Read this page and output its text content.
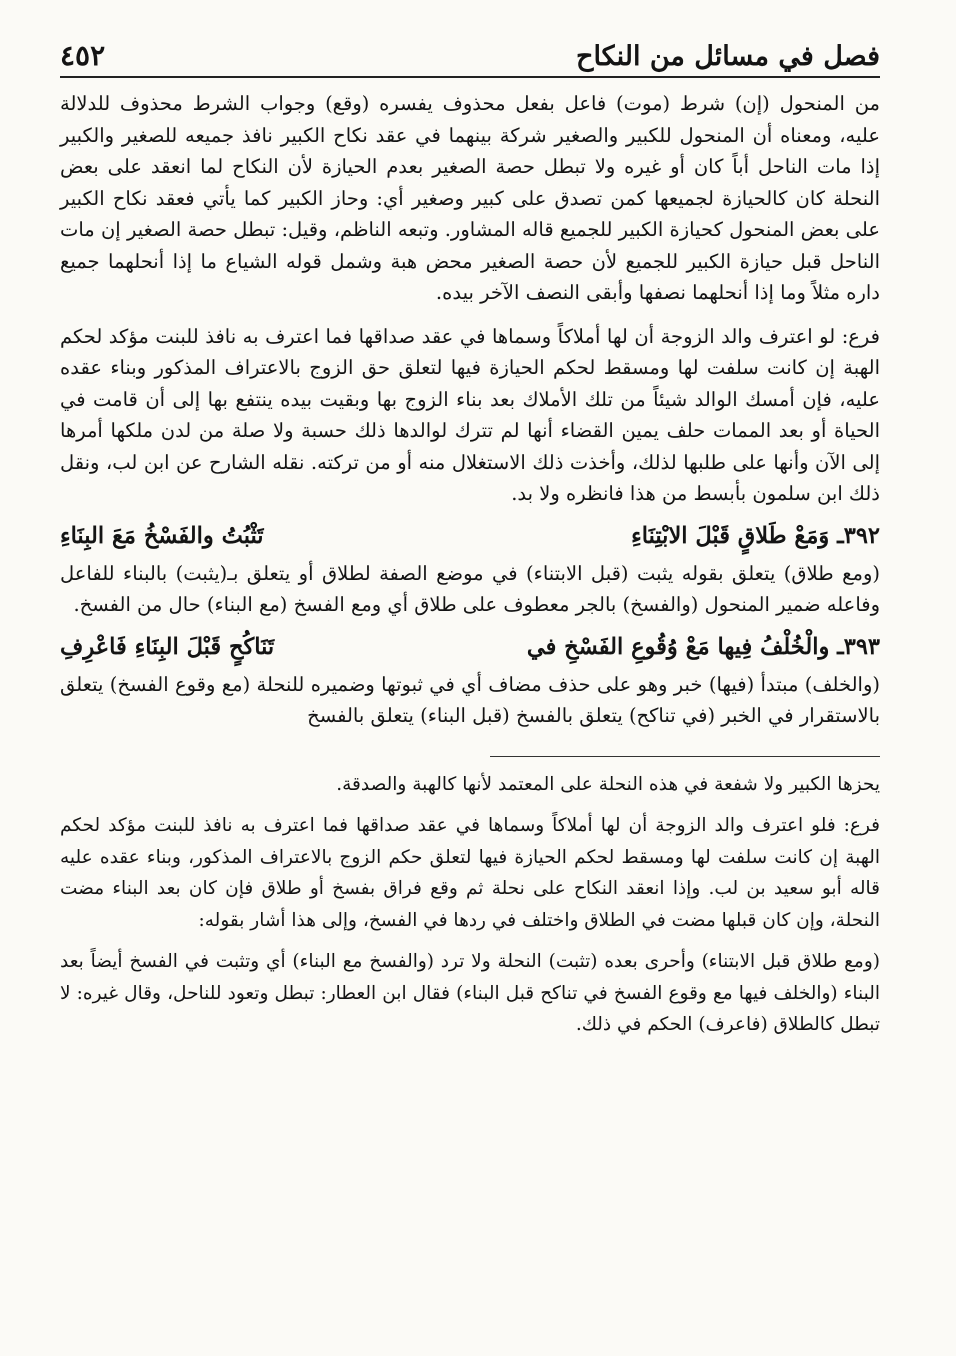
فصل في مسائل من النكاح
٤٥٢

من المنحول (إن) شرط (موت) فاعل بفعل محذوف يفسره (وقع) وجواب الشرط محذوف للدلالة عليه، ومعناه أن المنحول للكبير والصغير شركة بينهما في عقد نكاح الكبير نافذ جميعه للصغير والكبير إذا مات الناحل أباً كان أو غيره ولا تبطل حصة الصغير بعدم الحيازة لأن النكاح لما انعقد على بعض النحلة كان كالحيازة لجميعها كمن تصدق على كبير وصغير أي: وحاز الكبير كما يأتي فعقد نكاح الكبير على بعض المنحول كحيازة الكبير للجميع قاله المشاور. وتبعه الناظم، وقيل: تبطل حصة الصغير إن مات الناحل قبل حيازة الكبير للجميع لأن حصة الصغير محض هبة وشمل قوله الشياع ما إذا أنحلهما جميع داره مثلاً وما إذا أنحلهما نصفها وأبقى النصف الآخر بيده.

فرع: لو اعترف والد الزوجة أن لها أملاكاً وسماها في عقد صداقها فما اعترف به نافذ للبنت مؤكد لحكم الهبة إن كانت سلفت لها ومسقط لحكم الحيازة فيها لتعلق حق الزوج بالاعتراف المذكور وبناء عقده عليه، فإن أمسك الوالد شيئاً من تلك الأملاك بعد بناء الزوج بها وبقيت بيده ينتفع بها إلى أن قامت في الحياة أو بعد الممات حلف يمين القضاء أنها لم تترك لوالدها ذلك حسبة ولا صلة من لدن ملكها أمرها إلى الآن وأنها على طلبها لذلك، وأخذت ذلك الاستغلال منه أو من تركته. نقله الشارح عن ابن لب، ونقل ذلك ابن سلمون بأبسط من هذا فانظره ولا بد.

٣٩٢ـ وَمَعْ طَلاقٍ قَبْلَ الابْتِنَاءِ
تَثْبُتُ والفَسْخُ مَعَ البِنَاءِ

(ومع طلاق) يتعلق بقوله يثبت (قبل الابتناء) في موضع الصفة لطلاق أو يتعلق بـ(يثبت) بالبناء للفاعل وفاعله ضمير المنحول (والفسخ) بالجر معطوف على طلاق أي ومع الفسخ (مع البناء) حال من الفسخ.

٣٩٣ـ والْخُلْفُ فِيها مَعْ وُقُوعِ الفَسْخِ في
تَنَاكُحٍ قَبْلَ البِنَاءِ فَاعْرِفِ

(والخلف) مبتدأ (فيها) خبر وهو على حذف مضاف أي في ثبوتها وضميره للنحلة (مع وقوع الفسخ) يتعلق بالاستقرار في الخبر (في تناكح) يتعلق بالفسخ (قبل البناء) يتعلق بالفسخ

يحزها الكبير ولا شفعة في هذه النحلة على المعتمد لأنها كالهبة والصدقة.

فرع: فلو اعترف والد الزوجة أن لها أملاكاً وسماها في عقد صداقها فما اعترف به نافذ للبنت مؤكد لحكم الهبة إن كانت سلفت لها ومسقط لحكم الحيازة فيها لتعلق حكم الزوج بالاعتراف المذكور، وبناء عقده عليه قاله أبو سعيد بن لب. وإذا انعقد النكاح على نحلة ثم وقع فراق بفسخ أو طلاق فإن كان بعد البناء مضت النحلة، وإن كان قبلها مضت في الطلاق واختلف في ردها في الفسخ، وإلى هذا أشار بقوله:

(ومع طلاق قبل الابتناء) وأحرى بعده (تثبت) النحلة ولا ترد (والفسخ مع البناء) أي وتثبت في الفسخ أيضاً بعد البناء (والخلف فيها مع وقوع الفسخ في تناكح قبل البناء) فقال ابن العطار: تبطل وتعود للناحل، وقال غيره: لا تبطل كالطلاق (فاعرف) الحكم في ذلك.
